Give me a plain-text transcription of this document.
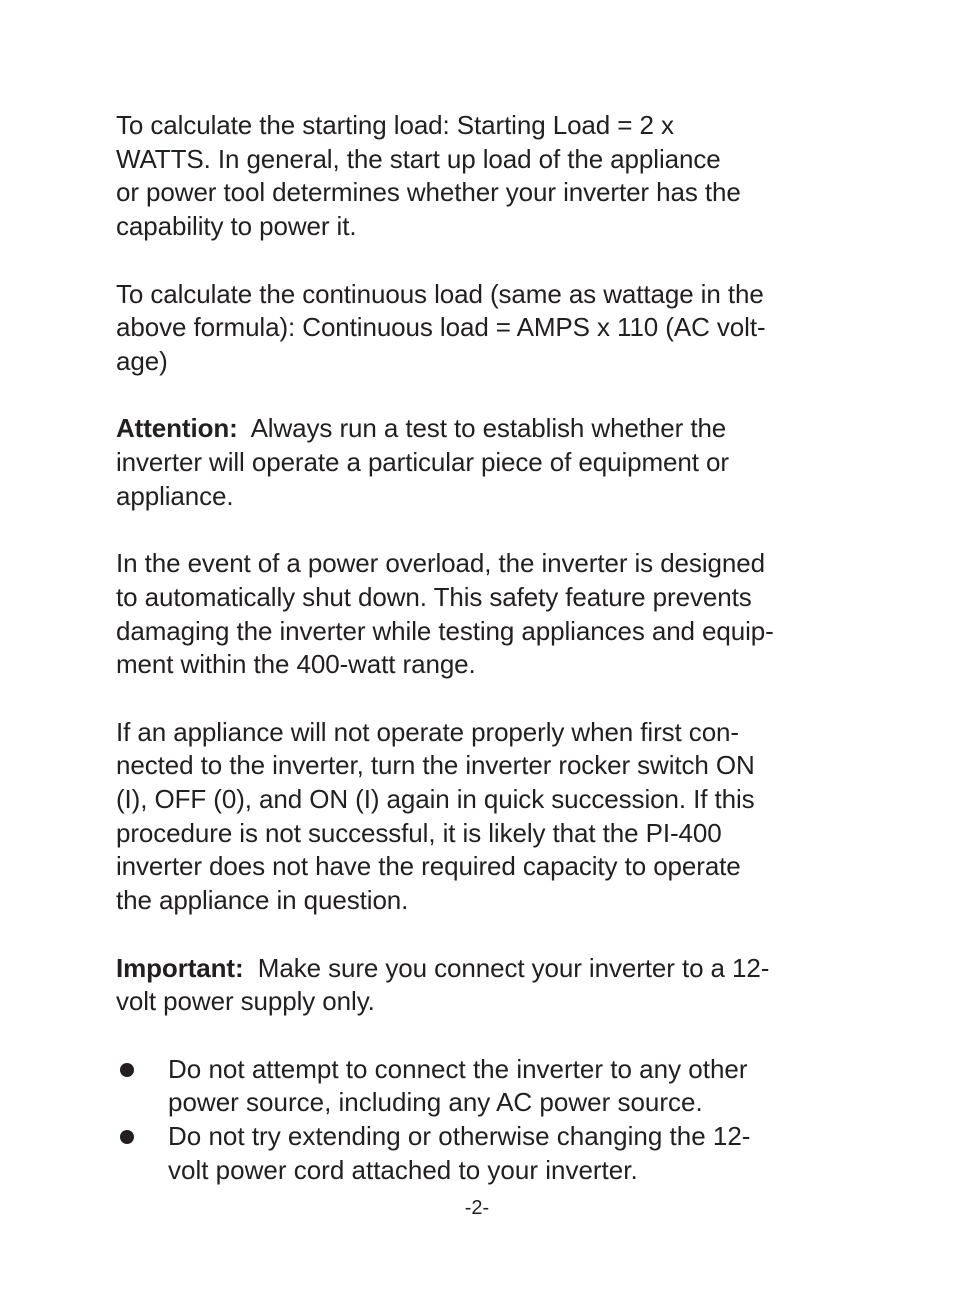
To calculate the starting load: Starting Load = 2 x
WATTS. In general, the start up load of the appliance
or power tool determines whether your inverter has the
capability to power it.

To calculate the continuous load (same as wattage in the
above formula): Continuous load = AMPS x 110 (AC volt-
age)

Attention:  Always run a test to establish whether the
inverter will operate a particular piece of equipment or
appliance.

In the event of a power overload, the inverter is designed
to automatically shut down. This safety feature prevents
damaging the inverter while testing appliances and equip-
ment within the 400-watt range.

If an appliance will not operate properly when first con-
nected to the inverter, turn the inverter rocker switch ON
(I), OFF (0), and ON (I) again in quick succession. If this
procedure is not successful, it is likely that the PI-400
inverter does not have the required capacity to operate
the appliance in question.

Important:  Make sure you connect your inverter to a 12-
volt power supply only.

Do not attempt to connect the inverter to any other
power source, including any AC power source.
Do not try extending or otherwise changing the 12-
volt power cord attached to your inverter.
-2-
